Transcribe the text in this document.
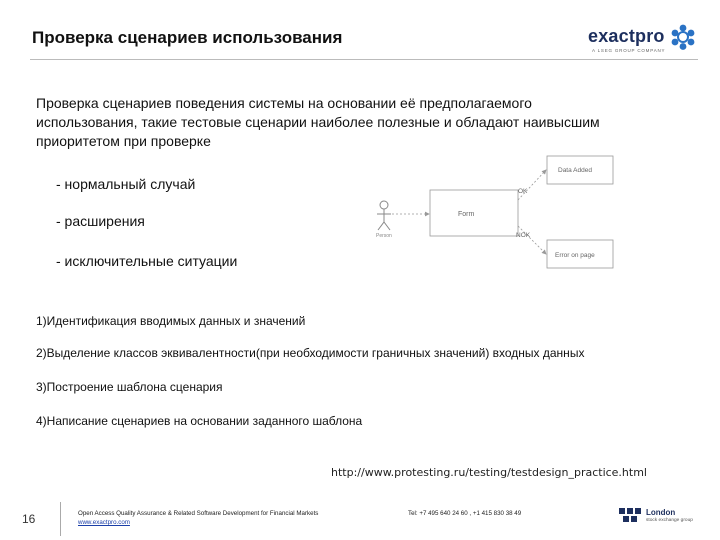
Проверка сценариев использования	exactpro
A LSEG GROUP COMPANY
Проверка сценариев поведения системы на основании её предполагаемого использования, такие тестовые сценарии наиболее полезные и обладают наивысшим приоритетом при проверке
- нормальный случай
- расширения
- исключительные ситуации
Person
Form
OK
NOK
Data Added
Error on page
1)Идентификация вводимых данных и значений
2)Выделение классов эквивалентности(при необходимости граничных значений) входных данных
3)Построение шаблона сценария
4)Написание сценариев на основании заданного шаблона
http://www.protesting.ru/testing/testdesign_practice.html
16	Open Access Quality Assurance & Related Software Development for Financial Markets
www.exactpro.com
Tel: +7 495 640 24 60 , +1 415 830 38 49	London
stock exchange group
